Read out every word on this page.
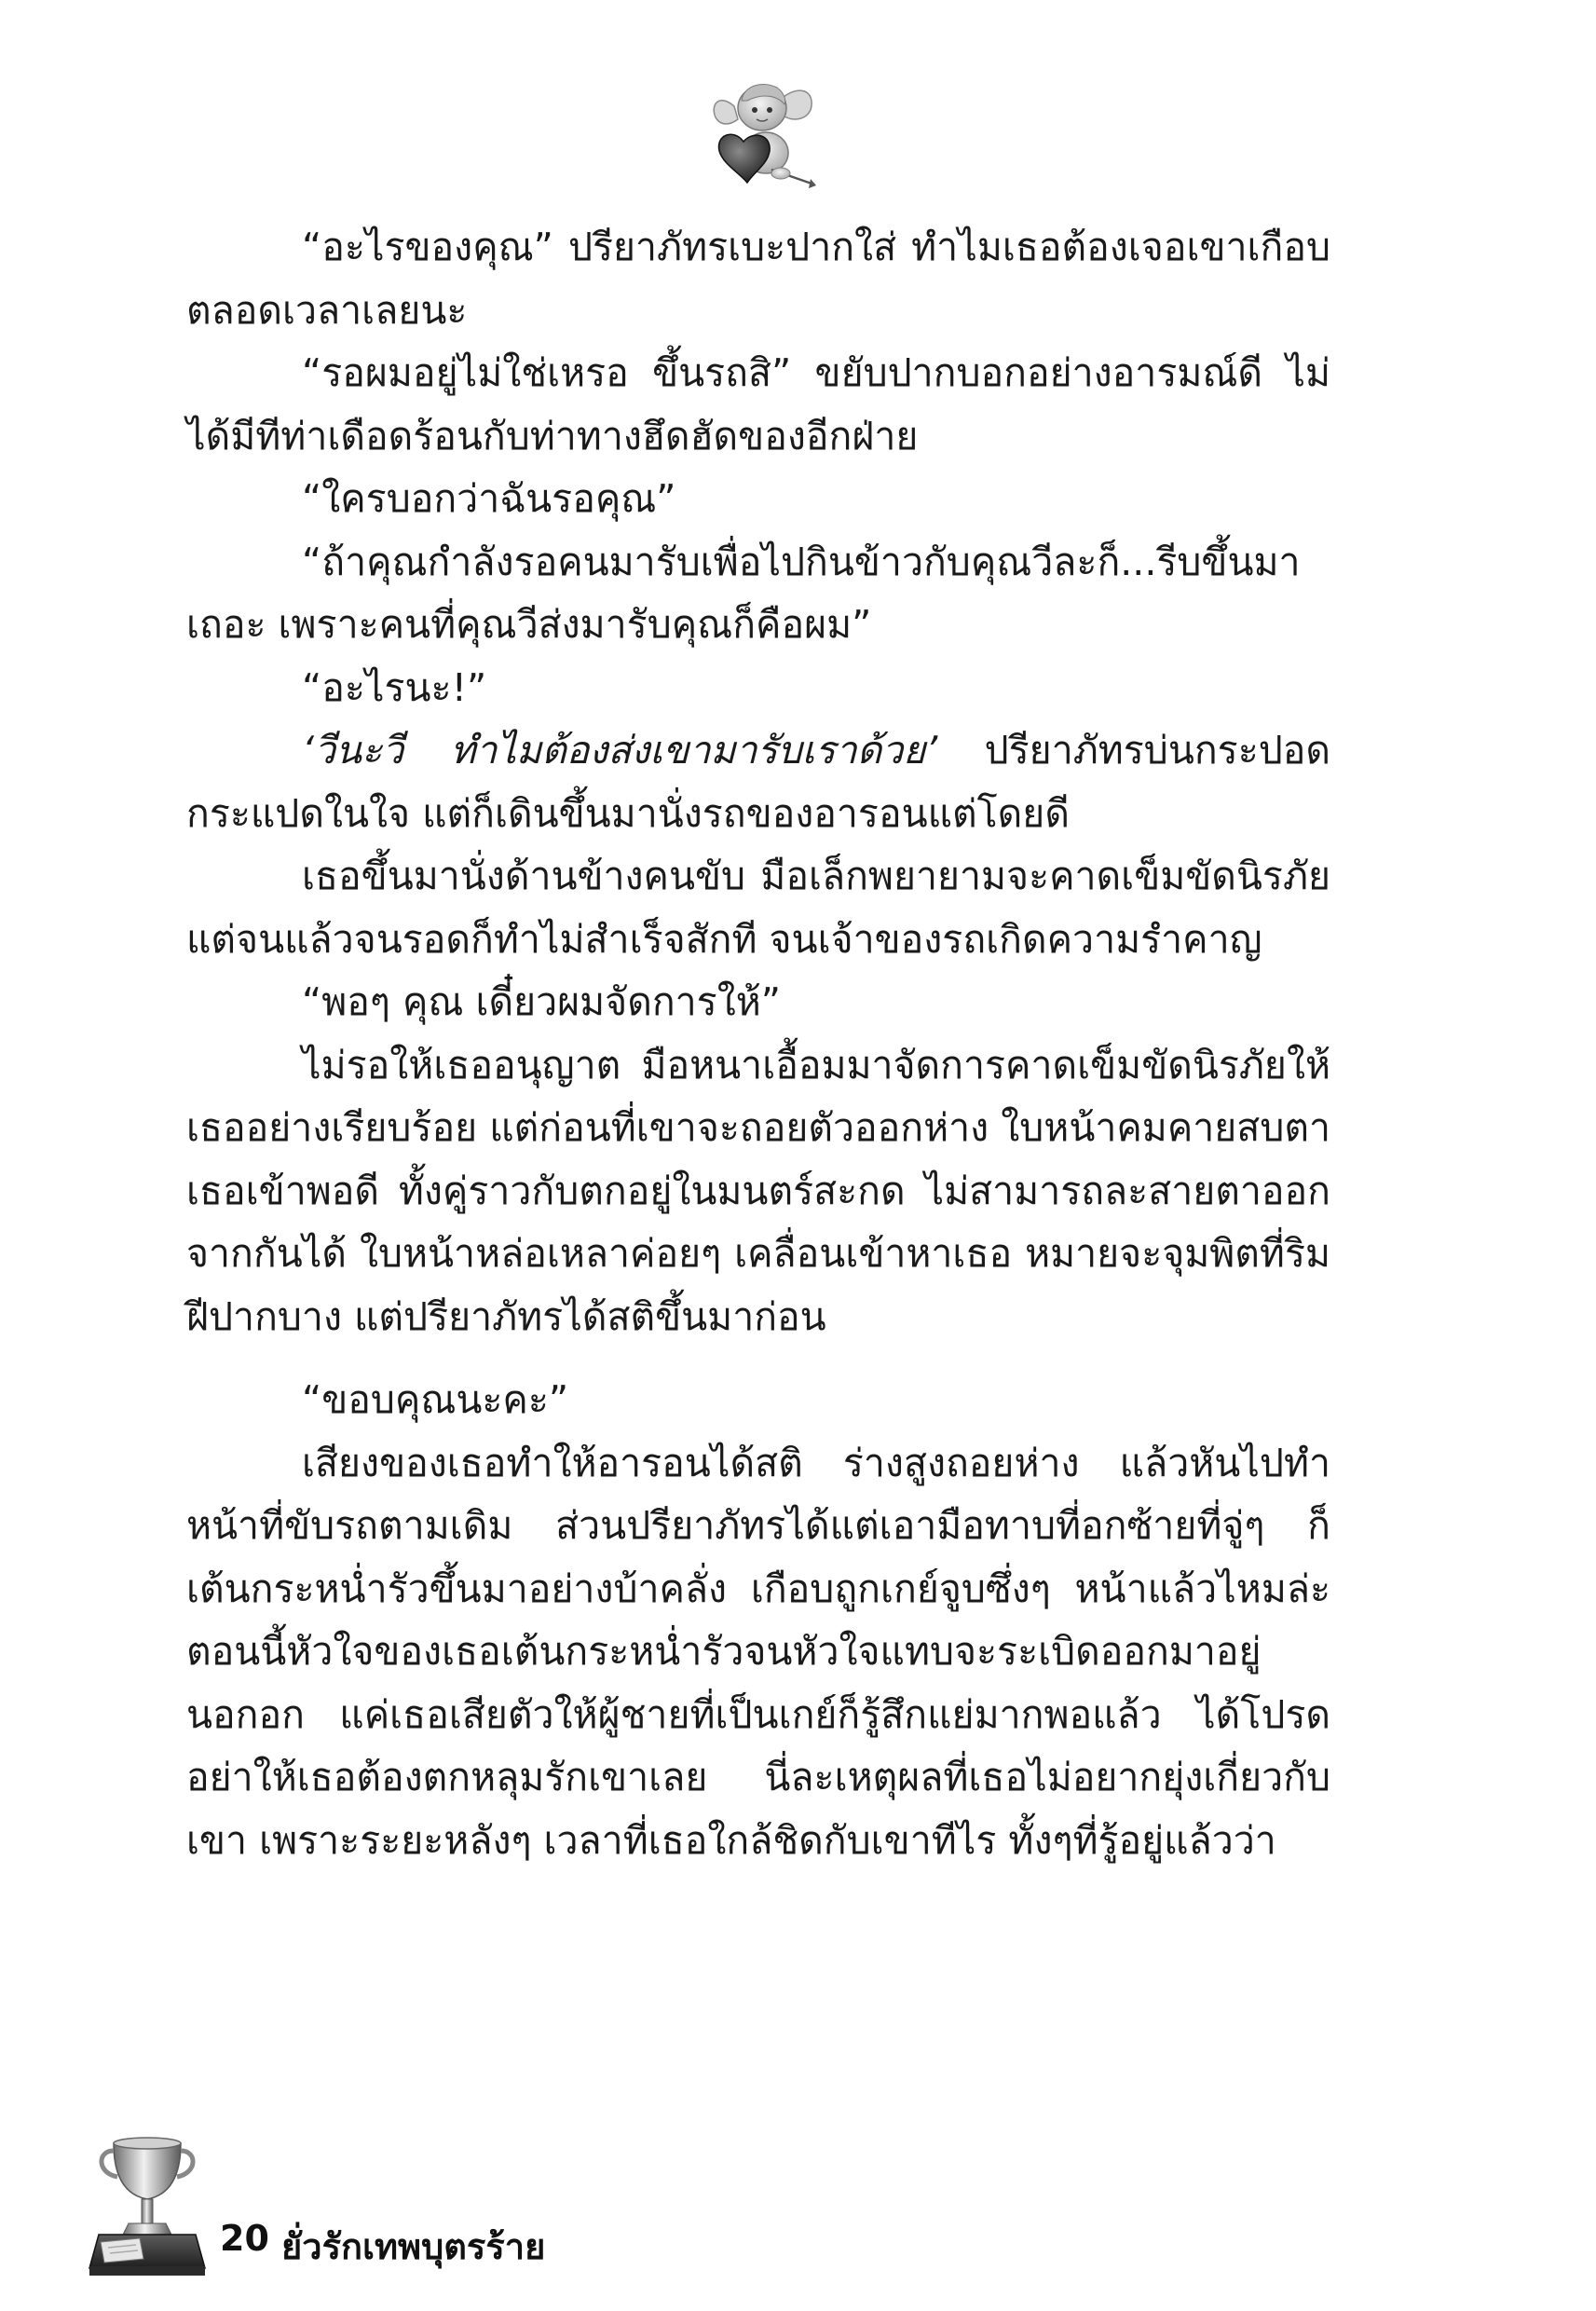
“อะไรของคุณ” ปรียาภัทรเบะปากใส่ ทำไมเธอต้องเจอเขาเกือบตลอดเวลาเลยนะ

“รอผมอยู่ไม่ใช่เหรอ ขึ้นรถสิ” ขยับปากบอกอย่างอารมณ์ดี ไม่ได้มีทีท่าเดือดร้อนกับท่าทางฮึดฮัดของอีกฝ่าย

“ใครบอกว่าฉันรอคุณ”

“ถ้าคุณกำลังรอคนมารับเพื่อไปกินข้าวกับคุณวีละก็...รีบขึ้นมาเถอะ เพราะคนที่คุณวีส่งมารับคุณก็คือผม”

“อะไรนะ!”

‘วีนะวี ทำไมต้องส่งเขามารับเราด้วย’ ปรียาภัทรบ่นกระปอดกระแปดในใจ แต่ก็เดินขึ้นมานั่งรถของอารอนแต่โดยดี

เธอขึ้นมานั่งด้านข้างคนขับ มือเล็กพยายามจะคาดเข็มขัดนิรภัยแต่จนแล้วจนรอดก็ทำไม่สำเร็จสักที จนเจ้าของรถเกิดความรำคาญ

“พอๆ คุณ เดี๋ยวผมจัดการให้”

ไม่รอให้เธออนุญาต มือหนาเอื้อมมาจัดการคาดเข็มขัดนิรภัยให้เธออย่างเรียบร้อย แต่ก่อนที่เขาจะถอยตัวออกห่าง ใบหน้าคมคายสบตาเธอเข้าพอดี ทั้งคู่ราวกับตกอยู่ในมนตร์สะกด ไม่สามารถละสายตาออกจากกันได้ ใบหน้าหล่อเหลาค่อยๆ เคลื่อนเข้าหาเธอ หมายจะจุมพิตที่ริมฝีปากบาง แต่ปรียาภัทรได้สติขึ้นมาก่อน

“ขอบคุณนะคะ”

เสียงของเธอทำให้อารอนได้สติ ร่างสูงถอยห่าง แล้วหันไปทำหน้าที่ขับรถตามเดิม ส่วนปรียาภัทรได้แต่เอามือทาบที่อกซ้ายที่จู่ๆ ก็เต้นกระหน่ำรัวขึ้นมาอย่างบ้าคลั่ง เกือบถูกเกย์จูบซึ่งๆ หน้าแล้วไหมล่ะ ตอนนี้หัวใจของเธอเต้นกระหน่ำรัวจนหัวใจแทบจะระเบิดออกมาอยู่นอกอก แค่เธอเสียตัวให้ผู้ชายที่เป็นเกย์ก็รู้สึกแย่มากพอแล้ว ได้โปรดอย่าให้เธอต้องตกหลุมรักเขาเลย นี่ละเหตุผลที่เธอไม่อยากยุ่งเกี่ยวกับเขา เพราะระยะหลังๆ เวลาที่เธอใกล้ชิดกับเขาทีไร ทั้งๆที่รู้อยู่แล้วว่า

20 ยั่วรักเทพบุตรร้าย
